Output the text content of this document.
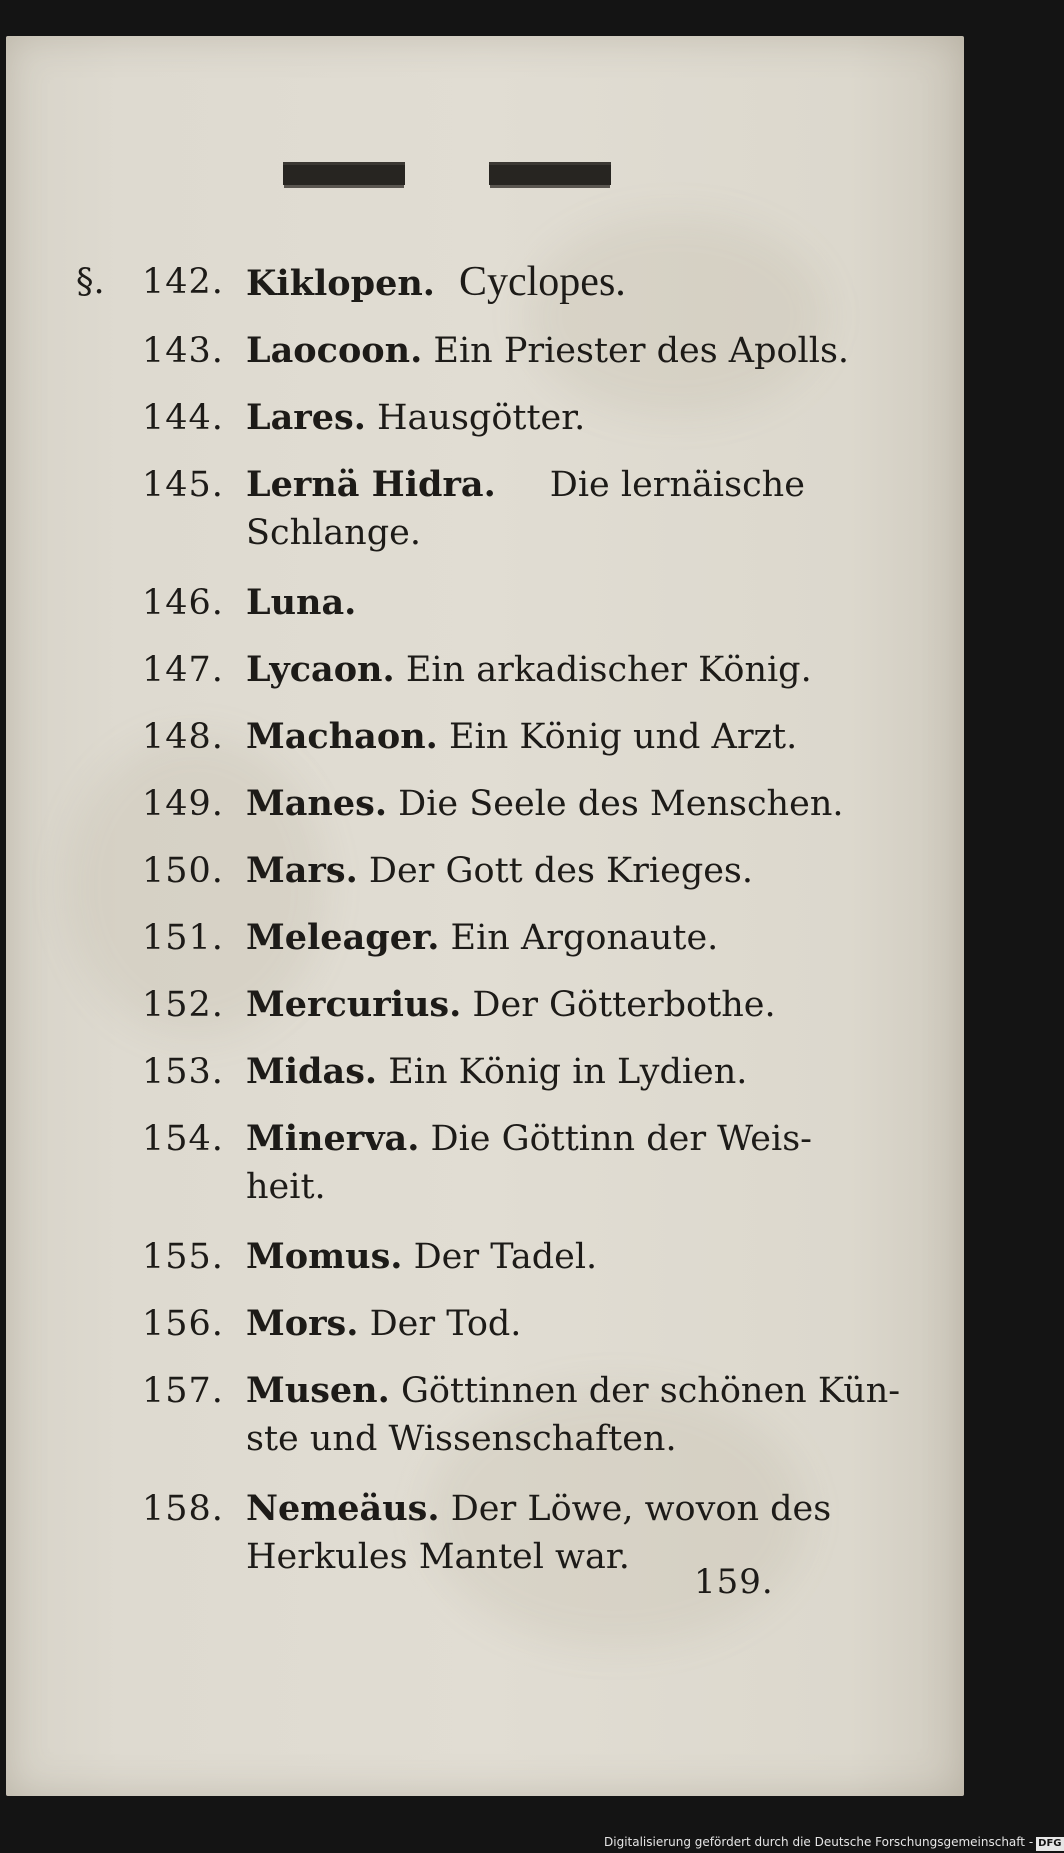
§.	142. Kiklopen. Cyclopes.
143. Laocoon. Ein Priester des Apolls.
144. Lares. Hausgötter.
145. Lernä Hidra. Die lernäische
Schlange.
146. Luna.
147. Lycaon. Ein arkadischer König.
148. Machaon. Ein König und Arzt.
149. Manes. Die Seele des Menschen.
150. Mars. Der Gott des Krieges.
151. Meleager. Ein Argonaute.
152. Mercurius. Der Götterbothe.
153. Midas. Ein König in Lydien.
154. Minerva. Die Göttinn der Weis-
heit.
155. Momus. Der Tadel.
156. Mors. Der Tod.
157. Musen. Göttinnen der schönen Kün-
ste und Wissenschaften.
158. Nemeäus. Der Löwe, wovon des
Herkules Mantel war.
159.
Digitalisierung gefördert durch die Deutsche Forschungsgemeinschaft - DFG
